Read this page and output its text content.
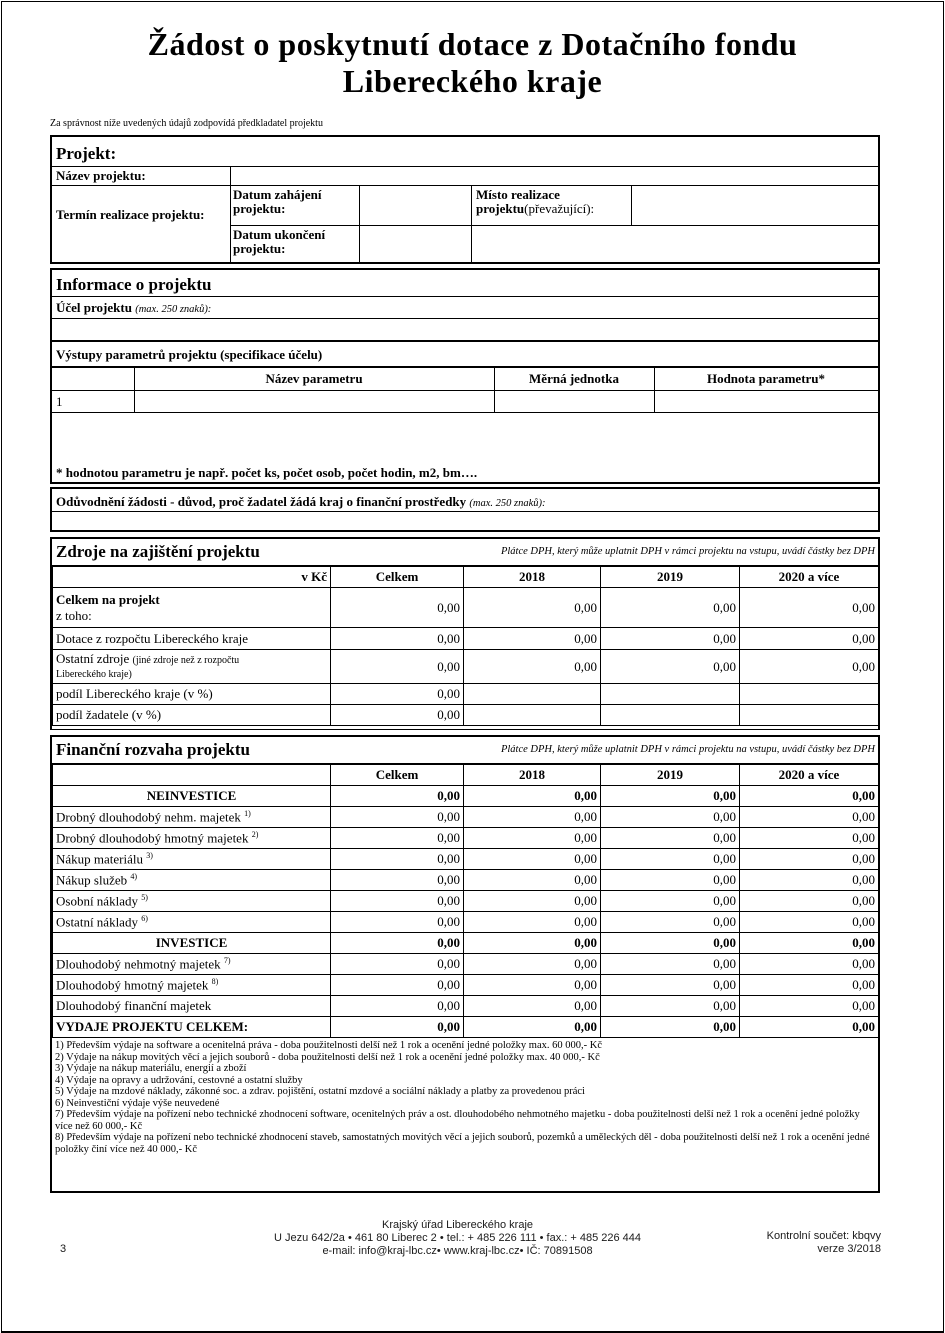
Žádost o poskytnutí dotace z Dotačního fondu
Libereckého kraje
Za správnost níže uvedených údajů zodpovídá předkladatel projektu
Projekt:
Název projektu:
Termín realizace projektu:
Datum zahájení projektu:
Místo realizace projektu(převažující):
Datum ukončení projektu:
Informace o projektu
Účel projektu (max. 250 znaků):
Výstupy parametrů projektu (specifikace účelu)
Název parametru	Měrná jednotka	Hodnota parametru*
1
* hodnotou parametru je např. počet ks, počet osob, počet hodin, m2, bm….
Odůvodnění žádosti - důvod, proč žadatel žádá kraj o finanční prostředky (max. 250 znaků):
Zdroje na zajištění projektu	Plátce DPH, který může uplatnit DPH v rámci projektu na vstupu, uvádí částky bez DPH
v Kč	Celkem	2018	2019	2020 a více
Celkem na projekt
z toho:	0,00	0,00	0,00	0,00
Dotace z rozpočtu Libereckého kraje	0,00	0,00	0,00	0,00
Ostatní zdroje (jiné zdroje než z rozpočtu
Libereckého kraje)	0,00	0,00	0,00	0,00
podíl Libereckého kraje (v %)	0,00			
podíl žadatele (v %)	0,00			
Finanční rozvaha projektu	Plátce DPH, který může uplatnit DPH v rámci projektu na vstupu, uvádí částky bez DPH
	Celkem	2018	2019	2020 a více
NEINVESTICE	0,00	0,00	0,00	0,00
Drobný dlouhodobý nehm. majetek $^{1)}$	0,00	0,00	0,00	0,00
Drobný dlouhodobý hmotný majetek $^{2)}$	0,00	0,00	0,00	0,00
Nákup materiálu $^{3)}$	0,00	0,00	0,00	0,00
Nákup služeb $^{4)}$	0,00	0,00	0,00	0,00
Osobní náklady $^{5)}$	0,00	0,00	0,00	0,00
Ostatní náklady $^{6)}$	0,00	0,00	0,00	0,00
INVESTICE	0,00	0,00	0,00	0,00
Dlouhodobý nehmotný majetek $^{7)}$	0,00	0,00	0,00	0,00
Dlouhodobý hmotný majetek $^{8)}$	0,00	0,00	0,00	0,00
Dlouhodobý finanční majetek	0,00	0,00	0,00	0,00
VYDAJE PROJEKTU CELKEM:	0,00	0,00	0,00	0,00
1) Především výdaje na software a ocenitelná práva - doba použitelnosti delší než 1 rok a ocenění jedné položky max. 60 000,- Kč
2) Výdaje na nákup movitých věcí a jejich souborů - doba použitelnosti delší než 1 rok a ocenění jedné položky max. 40 000,- Kč
3) Výdaje na nákup materiálu, energií a zboží
4) Výdaje na opravy a udržování, cestovné a ostatní služby
5) Výdaje na mzdové náklady, zákonné soc. a zdrav. pojištění, ostatní mzdové a sociální náklady a platby za provedenou práci
6) Neinvestiční výdaje výše neuvedené
7) Především výdaje na pořízení nebo technické zhodnocení software, ocenitelných práv a ost. dlouhodobého nehmotného majetku - doba použitelnosti delší než 1 rok a ocenění jedné položky více než 60 000,- Kč
8) Především výdaje na pořízení nebo technické zhodnocení staveb, samostatných movitých věcí a jejich souborů, pozemků a uměleckých děl - doba použitelnosti delší než 1 rok a ocenění jedné položky činí více než 40 000,- Kč
3
Krajský úřad Libereckého kraje
U Jezu 642/2a • 461 80 Liberec 2 • tel.: + 485 226 111 • fax.: + 485 226 444
e-mail: info@kraj-lbc.cz• www.kraj-lbc.cz• IČ: 70891508
Kontrolní součet: kbqvy
verze 3/2018
